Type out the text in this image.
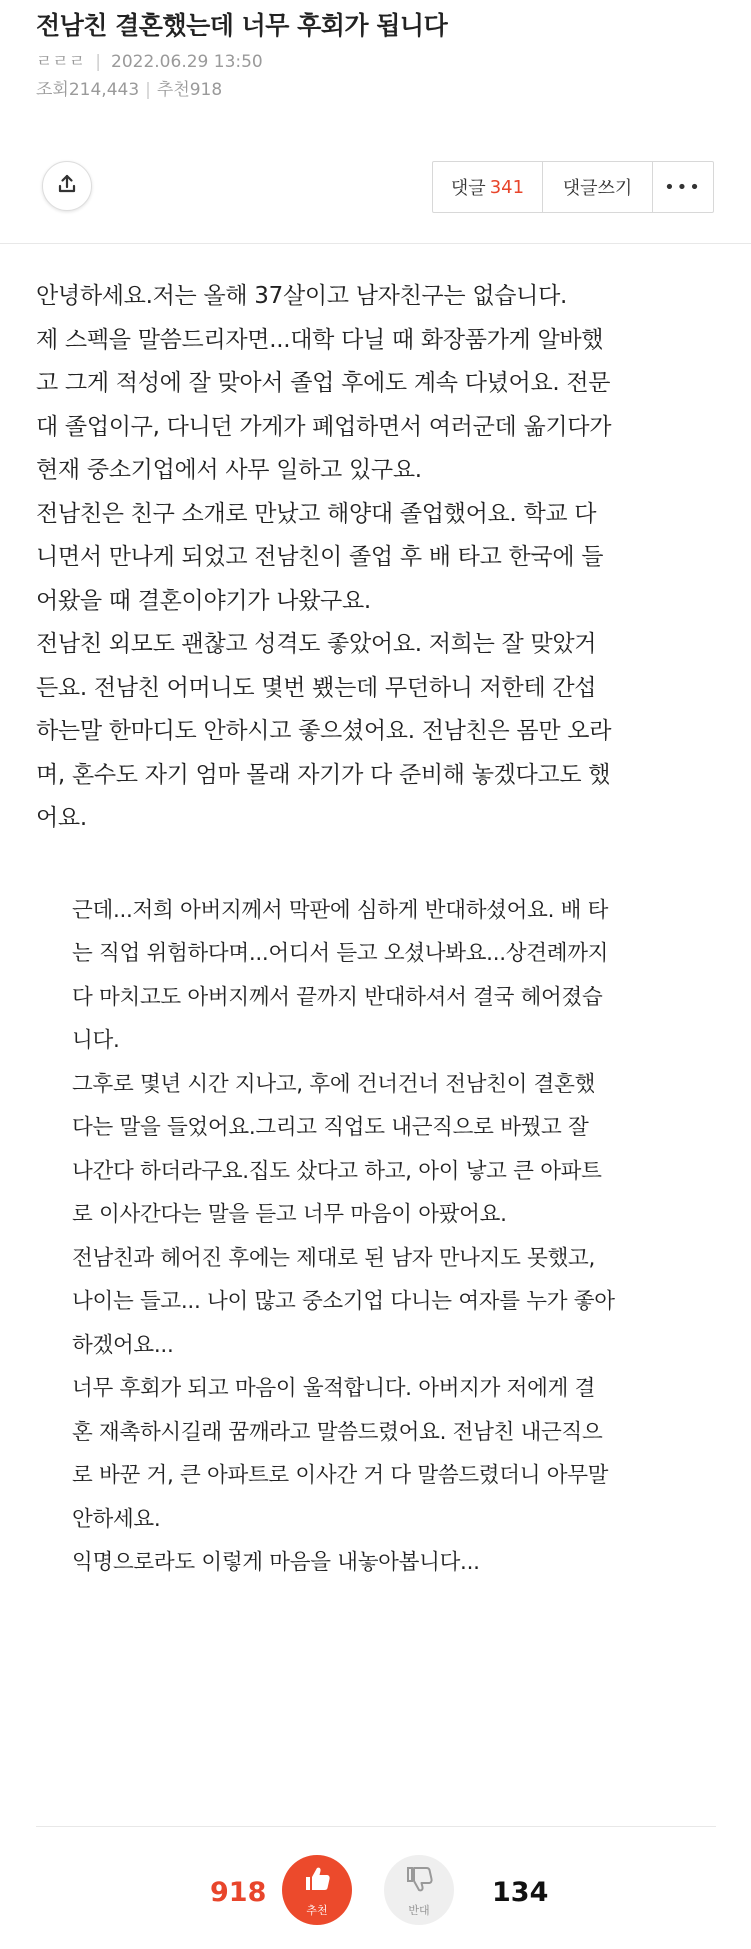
전남친 결혼했는데 너무 후회가 됩니다
ㄹㄹㄹ | 2022.06.29 13:50
조회214,443 | 추천918
댓글 341	댓글쓰기	•••

안녕하세요.저는 올해 37살이고 남자친구는 없습니다.

제 스펙을 말씀드리자면...대학 다닐 때 화장품가게 알바했

고 그게 적성에 잘 맞아서 졸업 후에도 계속 다녔어요. 전문

대 졸업이구, 다니던 가게가 폐업하면서 여러군데 옮기다가

현재 중소기업에서 사무 일하고 있구요.

전남친은 친구 소개로 만났고 해양대 졸업했어요. 학교 다

니면서 만나게 되었고 전남친이 졸업 후 배 타고 한국에 들

어왔을 때 결혼이야기가 나왔구요.

전남친 외모도 괜찮고 성격도 좋았어요. 저희는 잘 맞았거

든요. 전남친 어머니도 몇번 뵀는데 무던하니 저한테 간섭

하는말 한마디도 안하시고 좋으셨어요. 전남친은 몸만 오라

며, 혼수도 자기 엄마 몰래 자기가 다 준비해 놓겠다고도 했

어요.

근데...저희 아버지께서 막판에 심하게 반대하셨어요. 배 타

는 직업 위험하다며...어디서 듣고 오셨나봐요...상견례까지

다 마치고도 아버지께서 끝까지 반대하셔서 결국 헤어졌습

니다.

그후로 몇년 시간 지나고, 후에 건너건너 전남친이 결혼했

다는 말을 들었어요.그리고 직업도 내근직으로 바꿨고 잘

나간다 하더라구요.집도 샀다고 하고, 아이 낳고 큰 아파트

로 이사간다는 말을 듣고 너무 마음이 아팠어요.

전남친과 헤어진 후에는 제대로 된 남자 만나지도 못했고,

나이는 들고... 나이 많고 중소기업 다니는 여자를 누가 좋아

하겠어요...

너무 후회가 되고 마음이 울적합니다. 아버지가 저에게 결

혼 재촉하시길래 꿈깨라고 말씀드렸어요. 전남친 내근직으

로 바꾼 거, 큰 아파트로 이사간 거 다 말씀드렸더니 아무말

안하세요.

익명으로라도 이렇게 마음을 내놓아봅니다...

918
추천	반대
134
